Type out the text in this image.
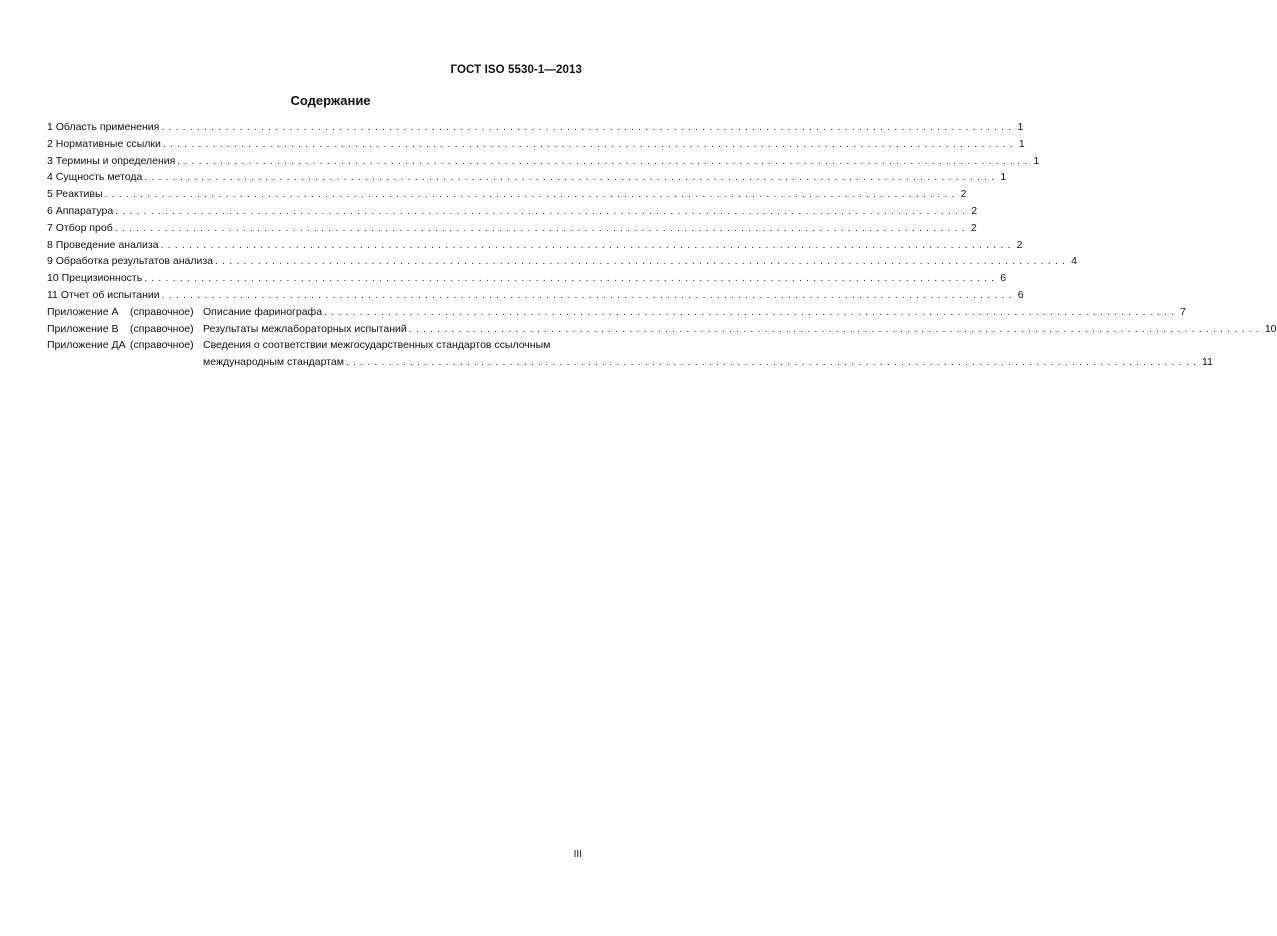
ГОСТ ISO 5530-1—2013
Содержание
1 Область применения ........................................................................................................................ 1
2 Нормативные ссылки ........................................................................................................................ 1
3 Термины и определения ........................................................................................................................ 1
4 Сущность метода ........................................................................................................................ 1
5 Реактивы ........................................................................................................................ 2
6 Аппаратура ........................................................................................................................ 2
7 Отбор проб ........................................................................................................................ 2
8 Проведение анализа ........................................................................................................................ 2
9 Обработка результатов анализа ........................................................................................................................ 4
10 Прецизионность ........................................................................................................................ 6
11 Отчет об испытании ........................................................................................................................ 6
Приложение А	(справочное) Описание фаринографа ........................................................................................................................ 7
Приложение В	(справочное) Результаты межлабораторных испытаний ........................................................................................................................ 10
Приложение ДА (справочное) Сведения о соответствии межгосударственных стандартов ссылочным
международным стандартам ........................................................................................................................ 11
III
